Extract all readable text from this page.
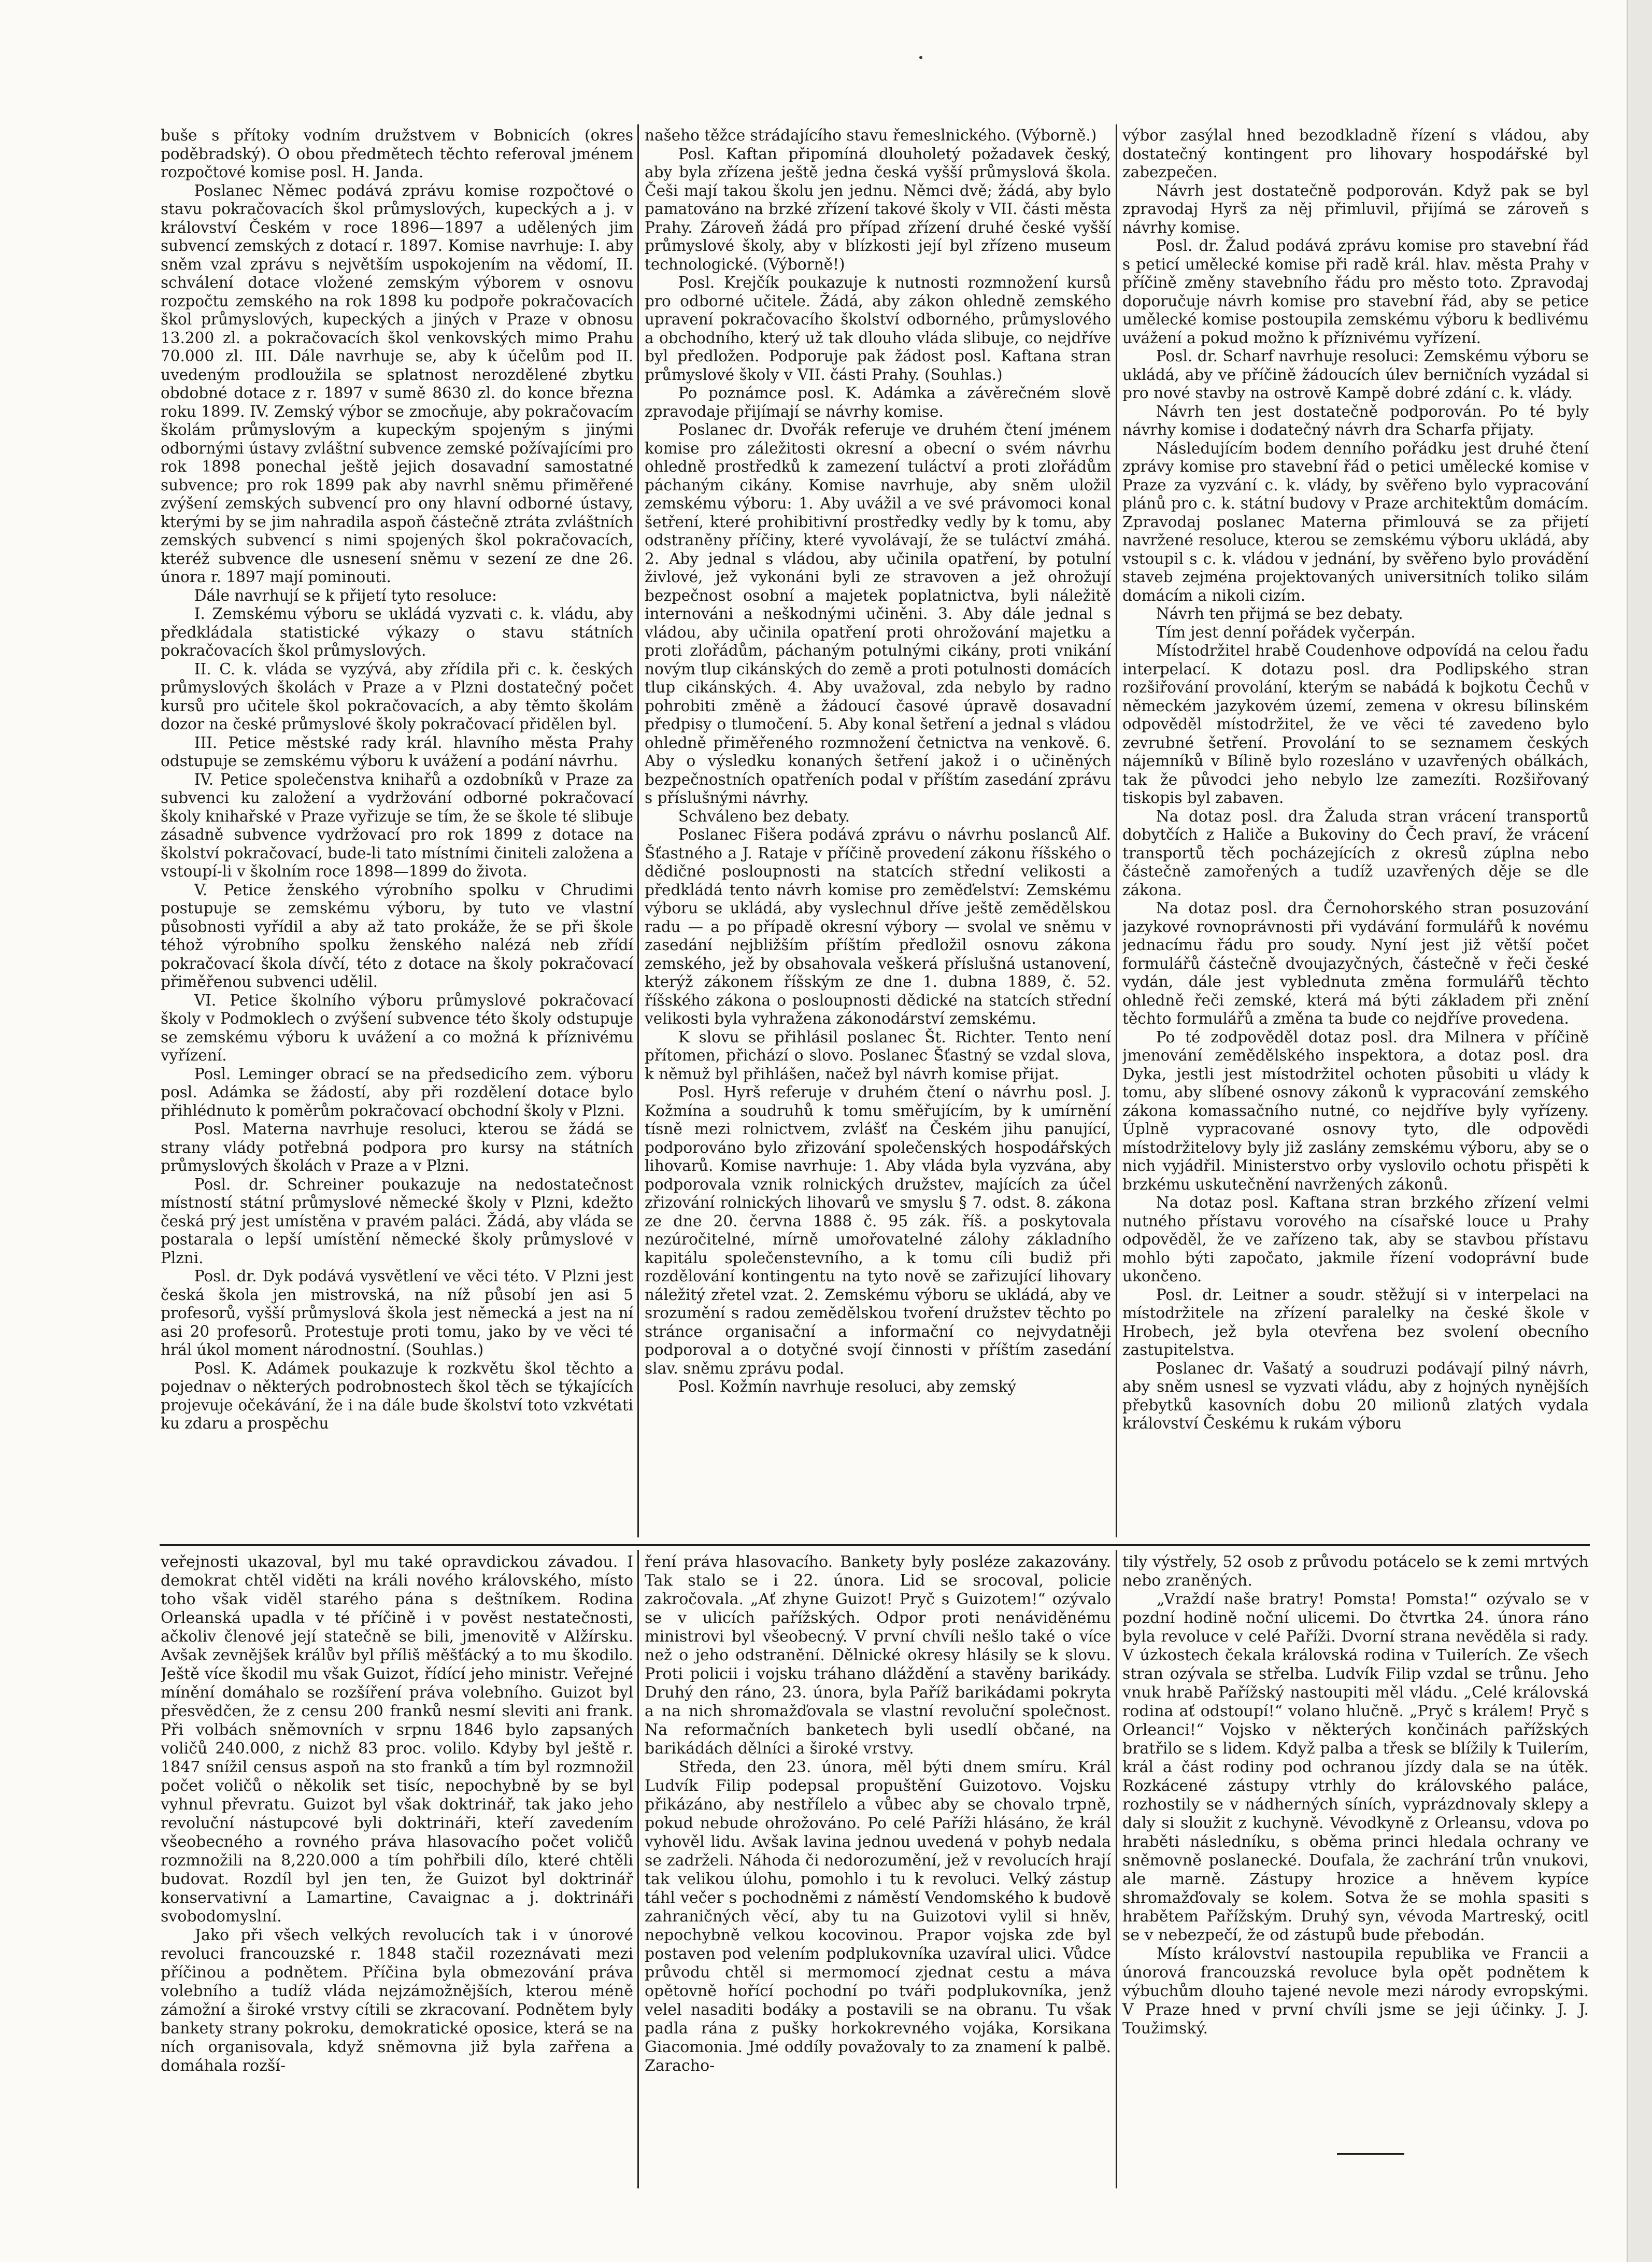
buše s přítoky vodním družstvem v Bobnicích (okres poděbradský). O obou předmětech těchto referoval jménem rozpočtové komise posl. H. Janda.

Poslanec Němec podává zprávu komise rozpočtové o stavu pokračovacích škol průmyslových, kupeckých a j. v království Českém v roce 1896—1897 a udělených jim subvencí zemských z dotací r. 1897. Komise navrhuje: I. aby sněm vzal zprávu s největším uspokojením na vědomí, II. schválení dotace vložené zemským výborem v osnovu rozpočtu zemského na rok 1898 ku podpoře pokračovacích škol průmyslových, kupeckých a jiných v Praze v obnosu 13.200 zl. a pokračovacích škol venkovských mimo Prahu 70.000 zl. III. Dále navrhuje se, aby k účelům pod II. uvedeným prodloužila se splatnost nerozdělené zbytku obdobné dotace z r. 1897 v sumě 8630 zl. do konce března roku 1899. IV. Zemský výbor se zmocňuje, aby pokračovacím školám průmyslovým a kupeckým spojeným s jinými odbornými ústavy zvláštní subvence zemské požívajícími pro rok 1898 ponechal ještě jejich dosavadní samostatné subvence; pro rok 1899 pak aby navrhl sněmu přiměřené zvýšení zemských subvencí pro ony hlavní odborné ústavy, kterými by se jim nahradila aspoň částečně ztráta zvláštních zemských subvencí s nimi spojených škol pokračovacích, kteréž subvence dle usnesení sněmu v sezení ze dne 26. února r. 1897 mají pominouti.

Dále navrhují se k přijetí tyto resoluce:

I. Zemskému výboru se ukládá vyzvati c. k. vládu, aby předkládala statistické výkazy o stavu státních pokračovacích škol průmyslových.

II. C. k. vláda se vyzývá, aby zřídila při c. k. českých průmyslových školách v Praze a v Plzni dostatečný počet kursů pro učitele škol pokračovacích, a aby těmto školám dozor na české průmyslové školy pokračovací přidělen byl.

III. Petice městské rady král. hlavního města Prahy odstupuje se zemskému výboru k uvážení a podání návrhu.

IV. Petice společenstva knihařů a ozdobníků v Praze za subvenci ku založení a vydržování odborné pokračovací školy knihařské v Praze vyřizuje se tím, že se škole té slibuje zásadně subvence vydržovací pro rok 1899 z dotace na školství pokračovací, bude-li tato místními činiteli založena a vstoupí-li v školním roce 1898—1899 do života.

V. Petice ženského výrobního spolku v Chrudimi postupuje se zemskému výboru, by tuto ve vlastní působnosti vyřídil a aby až tato prokáže, že se při škole téhož výrobního spolku ženského nalézá neb zřídí pokračovací škola dívčí, této z dotace na školy pokračovací přiměřenou subvenci udělil.

VI. Petice školního výboru průmyslové pokračovací školy v Podmoklech o zvýšení subvence této školy odstupuje se zemskému výboru k uvážení a co možná k příznivému vyřízení.

Posl. Leminger obrací se na předsedicího zem. výboru posl. Adámka se žádostí, aby při rozdělení dotace bylo přihlédnuto k poměrům pokračovací obchodní školy v Plzni.

Posl. Materna navrhuje resoluci, kterou se žádá se strany vlády potřebná podpora pro kursy na státních průmyslových školách v Praze a v Plzni.

Posl. dr. Schreiner poukazuje na nedostatečnost místností státní průmyslové německé školy v Plzni, kdežto česká prý jest umístěna v pravém paláci. Žádá, aby vláda se postarala o lepší umístění německé školy průmyslové v Plzni.

Posl. dr. Dyk podává vysvětlení ve věci této. V Plzni jest česká škola jen mistrovská, na níž působí jen asi 5 profesorů, vyšší průmyslová škola jest německá a jest na ní asi 20 profesorů. Protestuje proti tomu, jako by ve věci té hrál úkol moment národnostní. (Souhlas.)

Posl. K. Adámek poukazuje k rozkvětu škol těchto a pojednav o některých podrobnostech škol těch se týkajících projevuje očekávání, že i na dále bude školství toto vzkvétati ku zdaru a prospěchu

našeho těžce strádajícího stavu řemeslnického. (Výborně.)

Posl. Kaftan připomíná dlouholetý požadavek český, aby byla zřízena ještě jedna česká vyšší průmyslová škola. Češi mají takou školu jen jednu. Němci dvě; žádá, aby bylo pamatováno na brzké zřízení takové školy v VII. části města Prahy. Zároveň žádá pro případ zřízení druhé české vyšší průmyslové školy, aby v blízkosti její byl zřízeno museum technologické. (Výborně!)

Posl. Krejčík poukazuje k nutnosti rozmnožení kursů pro odborné učitele. Žádá, aby zákon ohledně zemského upravení pokračovacího školství odborného, průmyslového a obchodního, který už tak dlouho vláda slibuje, co nejdříve byl předložen. Podporuje pak žádost posl. Kaftana stran průmyslové školy v VII. části Prahy. (Souhlas.)

Po poznámce posl. K. Adámka a závěrečném slově zpravodaje přijímají se návrhy komise.

Poslanec dr. Dvořák referuje ve druhém čtení jménem komise pro záležitosti okresní a obecní o svém návrhu ohledně prostředků k zamezení tuláctví a proti zlořádům páchaným cikány. Komise navrhuje, aby sněm uložil zemskému výboru: 1. Aby uvážil a ve své právomoci konal šetření, které prohibitivní prostředky vedly by k tomu, aby odstraněny příčiny, které vyvolávají, že se tuláctví zmáhá. 2. Aby jednal s vládou, aby učinila opatření, by potulní živlové, jež vykonáni byli ze stravoven a jež ohrožují bezpečnost osobní a majetek poplatnictva, byli náležitě internováni a neškodnými učiněni. 3. Aby dále jednal s vládou, aby učinila opatření proti ohrožování majetku a proti zlořádům, páchaným potulnými cikány, proti vnikání novým tlup cikánských do země a proti potulnosti domácích tlup cikánských. 4. Aby uvažoval, zda nebylo by radno pohrobiti změně a žádoucí časové úpravě dosavadní předpisy o tlumočení. 5. Aby konal šetření a jednal s vládou ohledně přiměřeného rozmnožení četnictva na venkově. 6. Aby o výsledku konaných šetření jakož i o učiněných bezpečnostních opatřeních podal v příštím zasedání zprávu s příslušnými návrhy.

Schváleno bez debaty.

Poslanec Fišera podává zprávu o návrhu poslanců Alf. Šťastného a J. Rataje v příčině provedení zákonu říšského o dědičné posloupnosti na statcích střední velikosti a předkládá tento návrh komise pro zeměďelství: Zemskému výboru se ukládá, aby vyslechnul dříve ještě zemědělskou radu — a po případě okresní výbory — svolal ve sněmu v zasedání nejbližším příštím předložil osnovu zákona zemského, jež by obsahovala veškerá příslušná ustanovení, kterýž zákonem říšským ze dne 1. dubna 1889, č. 52. říšského zákona o posloupnosti dědické na statcích střední velikosti byla vyhražena zákonodárství zemskému.

K slovu se přihlásil poslanec Št. Richter. Tento není přítomen, přichází o slovo. Poslanec Šťastný se vzdal slova, k němuž byl přihlášen, načež byl návrh komise přijat.

Posl. Hyrš referuje v druhém čtení o návrhu posl. J. Kožmína a soudruhů k tomu směřujícím, by k umírnění tísně mezi rolnictvem, zvlášť na Českém jihu panující, podporováno bylo zřizování společenských hospodářských lihovarů. Komise navrhuje: 1. Aby vláda byla vyzvána, aby podporovala vznik rolnických družstev, majících za účel zřizování rolnických lihovarů ve smyslu § 7. odst. 8. zákona ze dne 20. června 1888 č. 95 zák. říš. a poskytovala nezúročitelné, mírně umořovatelné zálohy základního kapitálu společenstevního, a k tomu cíli budiž při rozdělování kontingentu na tyto nově se zařizující lihovary náležitý zřetel vzat. 2. Zemskému výboru se ukládá, aby ve srozumění s radou zemědělskou tvoření družstev těchto po stránce organisační a informační co nejvydatněji podporoval a o dotyčné svojí činnosti v příštím zasedání slav. sněmu zprávu podal.

Posl. Kožmín navrhuje resoluci, aby zemský

výbor zasýlal hned bezodkladně řízení s vládou, aby dostatečný kontingent pro lihovary hospodářské byl zabezpečen.

Návrh jest dostatečně podporován. Když pak se byl zpravodaj Hyrš za něj přimluvil, přijímá se zároveň s návrhy komise.

Posl. dr. Žalud podává zprávu komise pro stavební řád s peticí umělecké komise při radě král. hlav. města Prahy v příčině změny stavebního řádu pro město toto. Zpravodaj doporučuje návrh komise pro stavební řád, aby se petice umělecké komise postoupila zemskému výboru k bedlivému uvážení a pokud možno k příznivému vyřízení.

Posl. dr. Scharf navrhuje resoluci: Zemskému výboru se ukládá, aby ve příčině žádoucích úlev berničních vyzádal si pro nové stavby na ostrově Kampě dobré zdání c. k. vlády.

Návrh ten jest dostatečně podporován. Po té byly návrhy komise i dodatečný návrh dra Scharfa přijaty.

Následujícím bodem denního pořádku jest druhé čtení zprávy komise pro stavební řád o petici umělecké komise v Praze za vyzvání c. k. vlády, by svěřeno bylo vypracování plánů pro c. k. státní budovy v Praze architektům domácím. Zpravodaj poslanec Materna přimlouvá se za přijetí navržené resoluce, kterou se zemskému výboru ukládá, aby vstoupil s c. k. vládou v jednání, by svěřeno bylo provádění staveb zejména projektovaných universitních toliko silám domácím a nikoli cizím.

Návrh ten přijmá se bez debaty.

Tím jest denní pořádek vyčerpán.

Místodržitel hrabě Coudenhove odpovídá na celou řadu interpelací. K dotazu posl. dra Podlipského stran rozšiřování provolání, kterým se nabádá k bojkotu Čechů v německém jazykovém území, zemena v okresu bílinském odpověděl místodržitel, že ve věci té zavedeno bylo zevrubné šetření. Provolání to se seznamem českých nájemníků v Bílině bylo rozesláno v uzavřených obálkách, tak že původci jeho nebylo lze zamezíti. Rozšiřovaný tiskopis byl zabaven.

Na dotaz posl. dra Žaluda stran vrácení transportů dobytčích z Haliče a Bukoviny do Čech praví, že vrácení transportů těch pocházejících z okresů zúplna nebo částečně zamořených a tudíž uzavřených děje se dle zákona.

Na dotaz posl. dra Černohorského stran posuzování jazykové rovnoprávnosti při vydávání formulářů k novému jednacímu řádu pro soudy. Nyní jest již větší počet formulářů částečně dvoujazyčných, částečně v řeči české vydán, dále jest vyblednuta změna formulářů těchto ohledně řeči zemské, která má býti základem při znění těchto formulářů a změna ta bude co nejdříve provedena.

Po té zodpověděl dotaz posl. dra Milnera v příčině jmenování zemědělského inspektora, a dotaz posl. dra Dyka, jestli jest místodržitel ochoten působiti u vlády k tomu, aby slíbené osnovy zákonů k vypracování zemského zákona komassačního nutné, co nejdříve byly vyřízeny. Úplně vypracované osnovy tyto, dle odpovědi místodržitelovy byly již zaslány zemskému výboru, aby se o nich vyjádřil. Ministerstvo orby vyslovilo ochotu přispěti k brzkému uskutečnění navržených zákonů.

Na dotaz posl. Kaftana stran brzkého zřízení velmi nutného přístavu vorového na císařské louce u Prahy odpověděl, že ve zařízeno tak, aby se stavbou přístavu mohlo býti započato, jakmile řízení vodoprávní bude ukončeno.

Posl. dr. Leitner a soudr. stěžují si v interpelaci na místodržitele na zřízení paralelky na české škole v Hrobech, jež byla otevřena bez svolení obecního zastupitelstva.

Poslanec dr. Vašatý a soudruzi podávají pilný návrh, aby sněm usnesl se vyzvati vládu, aby z hojných nynějších přebytků kasovních dobu 20 milionů zlatých vydala království Českému k rukám výboru

veřejnosti ukazoval, byl mu také opravdickou závadou. I demokrat chtěl viděti na králi nového královského, místo toho však viděl starého pána s deštníkem. Rodina Orleanská upadla v té příčině i v pověst nestatečnosti, ačkoliv členové její statečně se bili, jmenovitě v Alžírsku. Avšak zevnějšek králův byl příliš měšťácký a to mu škodilo. Ještě více škodil mu však Guizot, řídící jeho ministr. Veřejné mínění domáhalo se rozšíření práva volebního. Guizot byl přesvědčen, že z censu 200 franků nesmí sleviti ani frank. Při volbách sněmovních v srpnu 1846 bylo zapsaných voličů 240.000, z nichž 83 proc. volilo. Kdyby byl ještě r. 1847 snížil census aspoň na sto franků a tím byl rozmnožil počet voličů o několik set tisíc, nepochybně by se byl vyhnul převratu. Guizot byl však doktrinář, tak jako jeho revoluční nástupcové byli doktrináři, kteří zavedením všeobecného a rovného práva hlasovacího počet voličů rozmnožili na 8,220.000 a tím pohřbili dílo, které chtěli budovat. Rozdíl byl jen ten, že Guizot byl doktrinář konservativní a Lamartine, Cavaignac a j. doktrináři svobodomyslní.

Jako při všech velkých revolucích tak i v únorové revoluci francouzské r. 1848 stačil rozeznávati mezi příčinou a podnětem. Příčina byla obmezování práva volebního a tudíž vláda nejzámožnějších, kterou méně zámožní a široké vrstvy cítili se zkracovaní. Podnětem byly bankety strany pokroku, demokratické oposice, která se na ních organisovala, když sněmovna již byla zařřena a domáhala rozší-

ření práva hlasovacího. Bankety byly posléze zakazovány. Tak stalo se i 22. února. Lid se srocoval, policie zakročovala. „Ať zhyne Guizot! Pryč s Guizotem!“ ozývalo se v ulicích pařížských. Odpor proti nenáviděnému ministrovi byl všeobecný. V první chvíli nešlo také o více než o jeho odstranění. Dělnické okresy hlásily se k slovu. Proti policii i vojsku tráhano dláždění a stavěny barikády. Druhý den ráno, 23. února, byla Paříž barikádami pokryta a na nich shromažďovala se vlastní revoluční společnost. Na reformačních banketech byli usedlí občané, na barikádách dělníci a široké vrstvy.

Středa, den 23. února, měl býti dnem smíru. Král Ludvík Filip podepsal propuštění Guizotovo. Vojsku přikázáno, aby nestřílelo a vůbec aby se chovalo trpně, pokud nebude ohrožováno. Po celé Paříži hlásáno, že král vyhověl lidu. Avšak lavina jednou uvedená v pohyb nedala se zadrželi. Náhoda či nedorozumění, jež v revolucích hrají tak velikou úlohu, pomohlo i tu k revoluci. Velký zástup táhl večer s pochodněmi z náměstí Vendomského k budově zahraničných věcí, aby tu na Guizotovi vylil si hněv, nepochybně velkou kocovinou. Prapor vojska zde byl postaven pod velením podplukovníka uzavíral ulici. Vůdce průvodu chtěl si mermomocí zjednat cestu a máva opětovně hořící pochodní po tváři podplukovníka, jenž velel nasaditi bodáky a postavili se na obranu. Tu však padla rána z pušky horkokrevného vojáka, Korsikana Giacomonia. Jmé oddíly považovaly to za znamení k palbě. Zaracho-

tily výstřely, 52 osob z průvodu potácelo se k zemi mrtvých nebo zraněných.

„Vraždí naše bratry! Pomsta! Pomsta!“ ozývalo se v pozdní hodině noční ulicemi. Do čtvrtka 24. února ráno byla revoluce v celé Paříži. Dvorní strana nevěděla si rady. V úzkostech čekala královská rodina v Tuilerích. Ze všech stran ozývala se střelba. Ludvík Filip vzdal se trůnu. Jeho vnuk hrabě Pařížský nastoupiti měl vládu. „Celé královská rodina ať odstoupí!“ volano hlučně. „Pryč s králem! Pryč s Orleanci!“ Vojsko v některých končinách pařížských bratřilo se s lidem. Když palba a třesk se blížily k Tuilerím, král a část rodiny pod ochranou jízdy dala se na útěk. Rozkácené zástupy vtrhly do královského paláce, rozhostily se v nádherných síních, vyprázdnovaly sklepy a daly si sloužit z kuchyně. Vévodkyně z Orleansu, vdova po hraběti následníku, s oběma princi hledala ochrany ve sněmovně poslanecké. Doufala, že zachrání trůn vnukovi, ale marně. Zástupy hrozice a hněvem kypíce shromažďovaly se kolem. Sotva že se mohla spasiti s hrabětem Pařížským. Druhý syn, vévoda Martreský, ocitl se v nebezpečí, že od zástupů bude přebodán.

Místo království nastoupila republika ve Francii a únorová francouzská revoluce byla opět podnětem k výbuchům dlouho tajené nevole mezi národy evropskými. V Praze hned v první chvíli jsme se jeji účinky. J. J. Toužimský.
